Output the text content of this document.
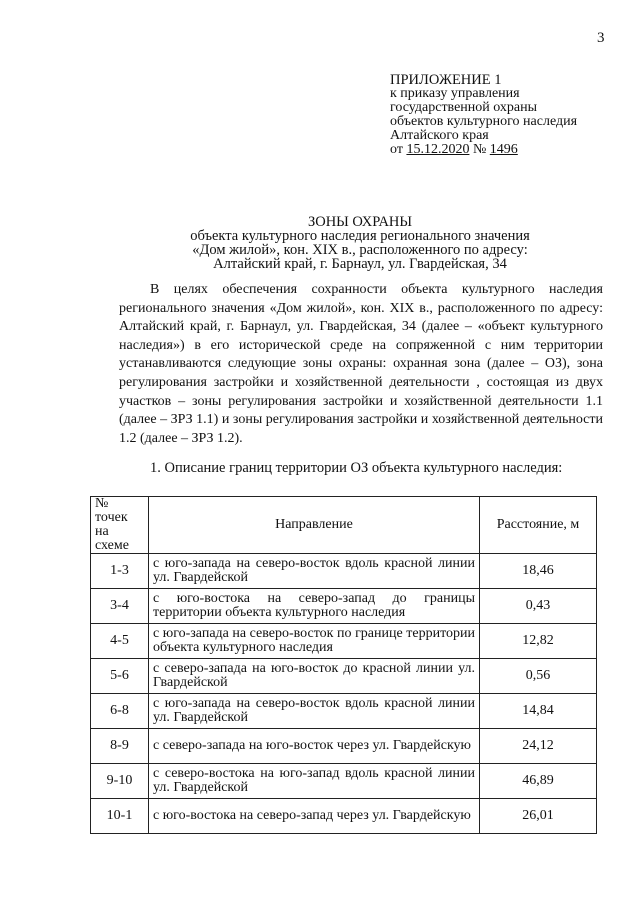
3
ПРИЛОЖЕНИЕ 1
к приказу управления
государственной охраны
объектов культурного наследия
Алтайского края
от 15.12.2020 № 1496
ЗОНЫ ОХРАНЫ
объекта культурного наследия регионального значения
«Дом жилой», кон. XIX в., расположенного по адресу:
Алтайский край, г. Барнаул, ул. Гвардейская, 34

В целях обеспечения сохранности объекта культурного наследия регионального значения «Дом жилой», кон. XIX в., расположенного по адресу: Алтайский край, г. Барнаул, ул. Гвардейская, 34 (далее – «объект культурного наследия») в его исторической среде на сопряженной с ним территории устанавливаются следующие зоны охраны: охранная зона (далее – ОЗ), зона регулирования застройки и хозяйственной деятельности , состоящая из двух участков – зоны регулирования застройки и хозяйственной деятельности 1.1 (далее – ЗРЗ 1.1) и зоны регулирования застройки и хозяйственной деятельности 1.2 (далее – ЗРЗ 1.2).

1. Описание границ территории ОЗ объекта культурного наследия:
№ точек на схеме	Направление	Расстояние, м
1-3	с юго-запада на северо-восток вдоль красной линии ул. Гвардейской	18,46
3-4	с юго-востока на северо-запад до границы территории объекта культурного наследия	0,43
4-5	с юго-запада на северо-восток по границе территории объекта культурного наследия	12,82
5-6	с северо-запада на юго-восток до красной линии ул. Гвардейской	0,56
6-8	с юго-запада на северо-восток вдоль красной линии ул. Гвардейской	14,84
8-9	с северо-запада на юго-восток через ул. Гвардейскую	24,12
9-10	с северо-востока на юго-запад вдоль красной линии ул. Гвардейской	46,89
10-1	с юго-востока на северо-запад через ул. Гвардейскую	26,01
